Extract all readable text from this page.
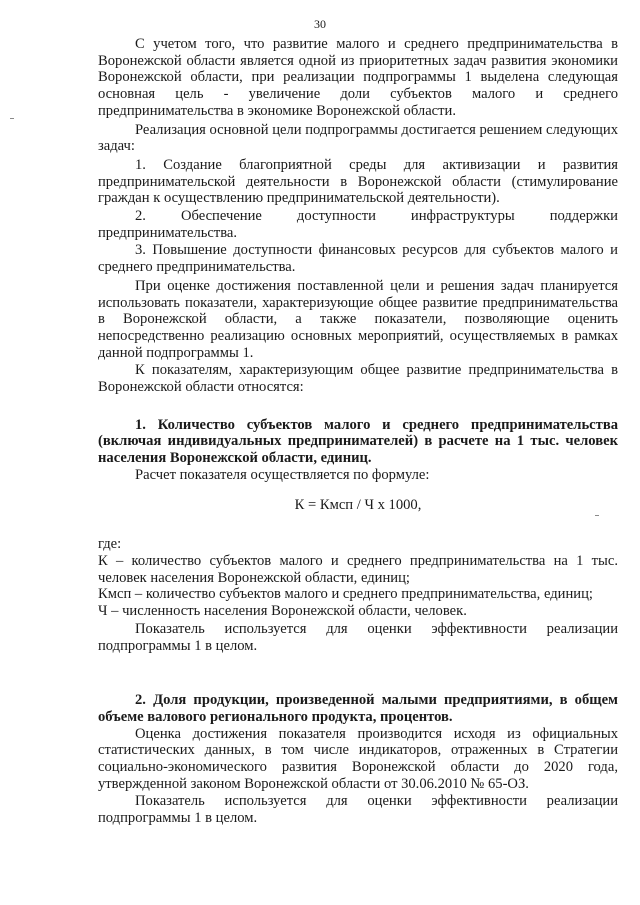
30

С учетом того, что развитие малого и среднего предпринимательства в Воронежской области является одной из приоритетных задач развития экономики Воронежской области, при реализации подпрограммы 1 выделена следующая основная цель - увеличение доли субъектов малого и среднего предпринимательства в экономике Воронежской области.

Реализация основной цели подпрограммы достигается решением следующих задач:

1. Создание благоприятной среды для активизации и развития предпринимательской деятельности в Воронежской области (стимулирование граждан к осуществлению предпринимательской деятельности).

2. Обеспечение доступности инфраструктуры поддержки предпринимательства.

3. Повышение доступности финансовых ресурсов для субъектов малого и среднего предпринимательства.

При оценке достижения поставленной цели и решения задач планируется использовать показатели, характеризующие общее развитие предпринимательства в Воронежской области, а также показатели, позволяющие оценить непосредственно реализацию основных мероприятий, осуществляемых в рамках данной подпрограммы 1.

К показателям, характеризующим общее развитие предпринимательства в Воронежской области относятся:

1. Количество субъектов малого и среднего предпринимательства (включая индивидуальных предпринимателей) в расчете на 1 тыс. человек населения Воронежской области, единиц.

Расчет показателя осуществляется по формуле:

К = Кмсп / Ч х 1000,

где:

К – количество субъектов малого и среднего предпринимательства на 1 тыс. человек населения Воронежской области, единиц;

Кмсп – количество субъектов малого и среднего предпринимательства, единиц;

Ч – численность населения Воронежской области, человек.

Показатель используется для оценки эффективности реализации подпрограммы 1 в целом.

2. Доля продукции, произведенной малыми предприятиями, в общем объеме валового регионального продукта, процентов.

Оценка достижения показателя производится исходя из официальных статистических данных, в том числе индикаторов, отраженных в Стратегии социально-экономического развития Воронежской области до 2020 года, утвержденной законом Воронежской области от 30.06.2010 № 65-ОЗ.

Показатель используется для оценки эффективности реализации подпрограммы 1 в целом.
